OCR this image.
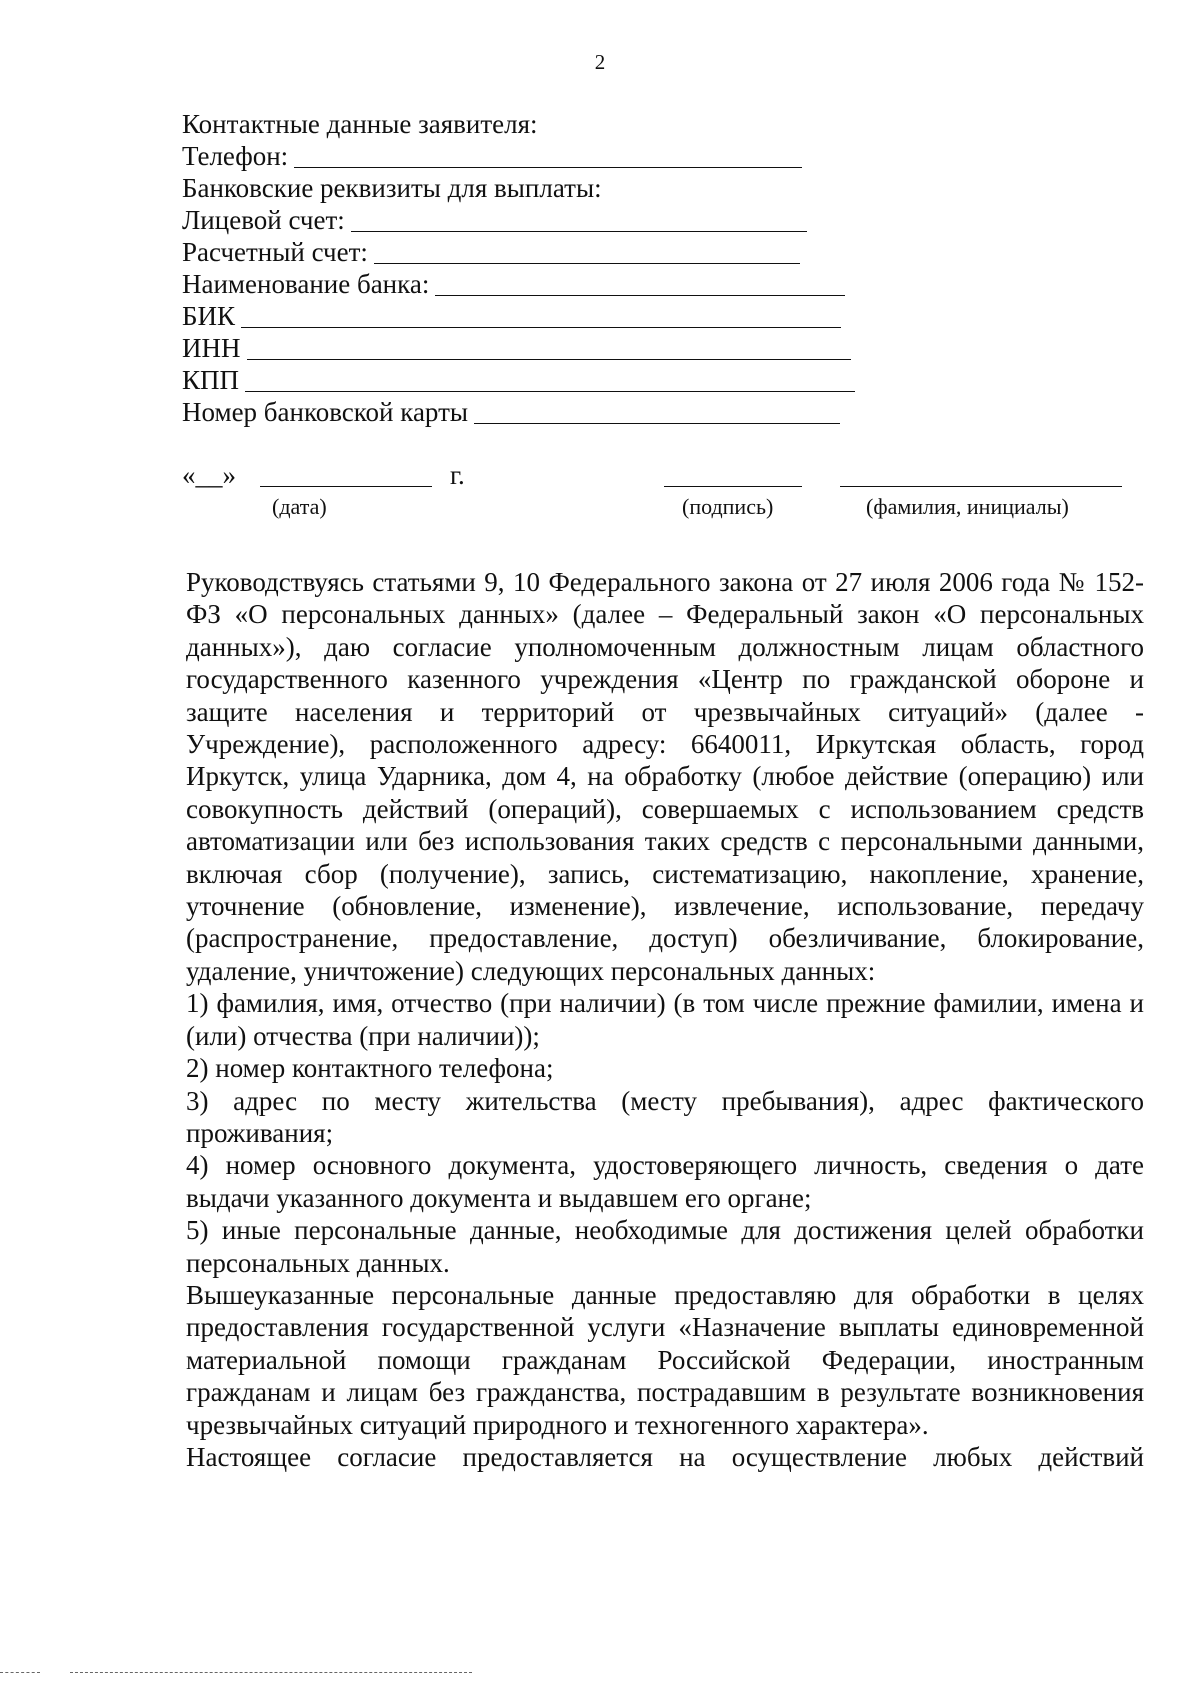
2
Контактные данные заявителя:
Телефон:
Банковские реквизиты для выплаты:
Лицевой счет:
Расчетный счет:
Наименование банка:
БИК
ИНН
КПП
Номер банковской карты
«__»	г.
(дата)	(подпись)	(фамилия, инициалы)

Руководствуясь статьями 9, 10 Федерального закона от 27 июля 2006 года № 152-ФЗ «О персональных данных» (далее – Федеральный закон «О персональных данных»), даю согласие уполномоченным должностным лицам областного государственного казенного учреждения «Центр по гражданской обороне и защите населения и территорий от чрезвычайных ситуаций» (далее - Учреждение), расположенного адресу: 6640011, Иркутская область, город Иркутск, улица Ударника, дом 4, на обработку (любое действие (операцию) или совокупность действий (операций), совершаемых с использованием средств автоматизации или без использования таких средств с персональными данными, включая сбор (получение), запись, систематизацию, накопление, хранение, уточнение (обновление, изменение), извлечение, использование, передачу (распространение, предоставление, доступ) обезличивание, блокирование, удаление, уничтожение) следующих персональных данных:

1) фамилия, имя, отчество (при наличии) (в том числе прежние фамилии, имена и (или) отчества (при наличии));

2) номер контактного телефона;

3) адрес по месту жительства (месту пребывания), адрес фактического проживания;

4) номер основного документа, удостоверяющего личность, сведения о дате выдачи указанного документа и выдавшем его органе;

5) иные персональные данные, необходимые для достижения целей обработки персональных данных.

Вышеуказанные персональные данные предоставляю для обработки в целях предоставления государственной услуги «Назначение выплаты единовременной материальной помощи гражданам Российской Федерации, иностранным гражданам и лицам без гражданства, пострадавшим в результате возникновения чрезвычайных ситуаций природного и техногенного характера».

Настоящее согласие предоставляется на осуществление любых действий
